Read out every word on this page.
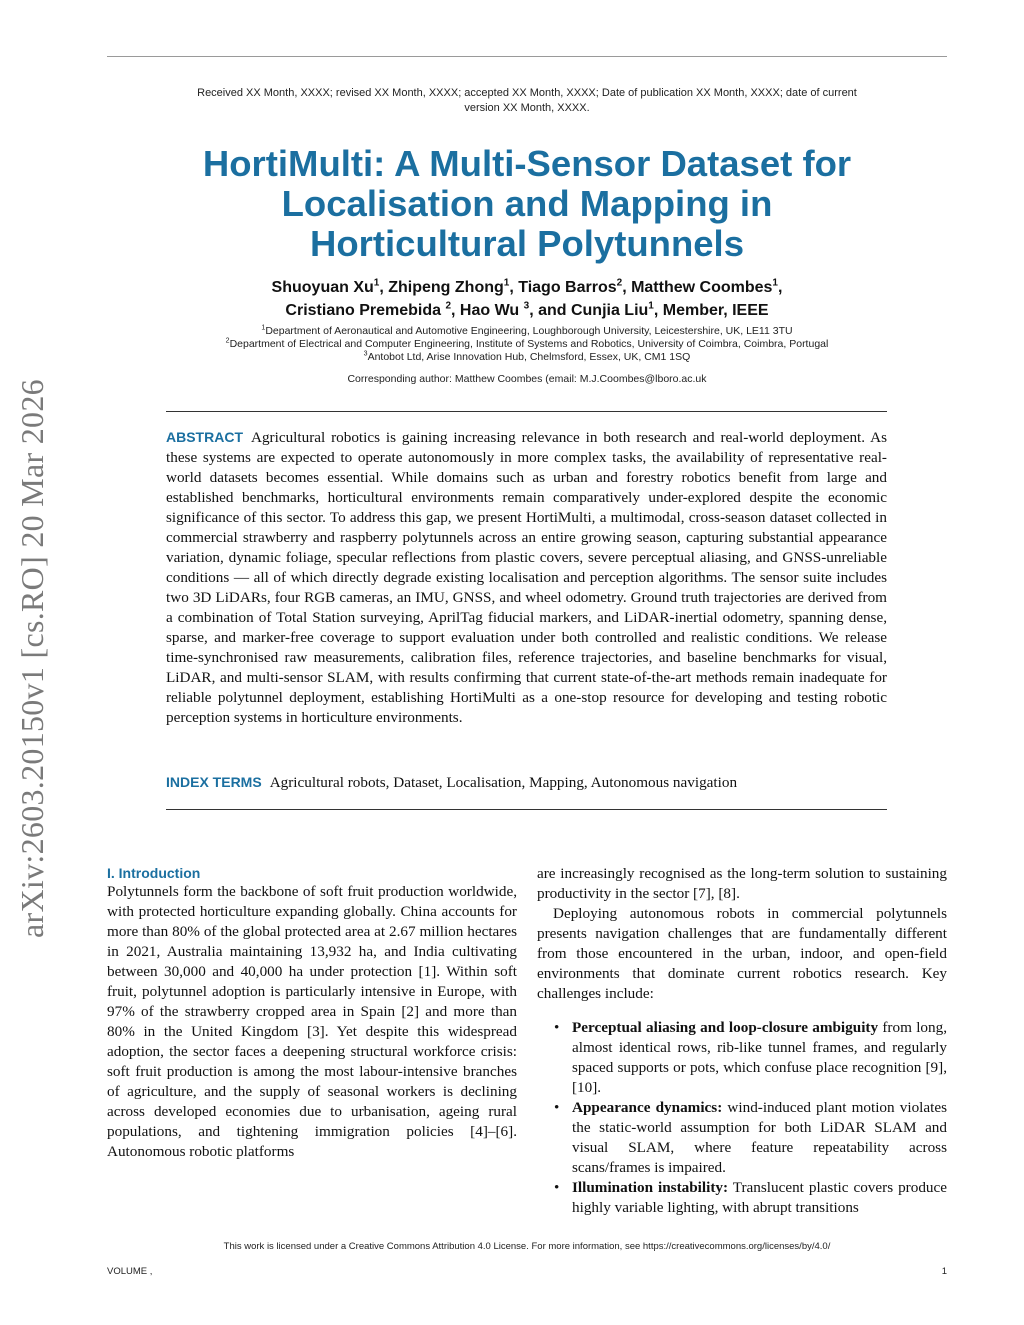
Received XX Month, XXXX; revised XX Month, XXXX; accepted XX Month, XXXX; Date of publication XX Month, XXXX; date of current version XX Month, XXXX.
HortiMulti: A Multi-Sensor Dataset for
Localisation and Mapping in
Horticultural Polytunnels
Shuoyuan Xu$^1$, Zhipeng Zhong$^1$, Tiago Barros$^2$, Matthew Coombes$^1$,
Cristiano Premebida $^2$, Hao Wu $^3$, and Cunjia Liu$^1$, Member, IEEE
$^1$Department of Aeronautical and Automotive Engineering, Loughborough University, Leicestershire, UK, LE11 3TU
$^2$Department of Electrical and Computer Engineering, Institute of Systems and Robotics, University of Coimbra, Coimbra, Portugal
$^3$Antobot Ltd, Arise Innovation Hub, Chelmsford, Essex, UK, CM1 1SQ
Corresponding author: Matthew Coombes (email: M.J.Coombes@lboro.ac.uk
ABSTRACT Agricultural robotics is gaining increasing relevance in both research and real-world deployment. As these systems are expected to operate autonomously in more complex tasks, the availability of representative real-world datasets becomes essential. While domains such as urban and forestry robotics benefit from large and established benchmarks, horticultural environments remain comparatively under-explored despite the economic significance of this sector. To address this gap, we present HortiMulti, a multimodal, cross-season dataset collected in commercial strawberry and raspberry polytunnels across an entire growing season, capturing substantial appearance variation, dynamic foliage, specular reflections from plastic covers, severe perceptual aliasing, and GNSS-unreliable conditions — all of which directly degrade existing localisation and perception algorithms. The sensor suite includes two 3D LiDARs, four RGB cameras, an IMU, GNSS, and wheel odometry. Ground truth trajectories are derived from a combination of Total Station surveying, AprilTag fiducial markers, and LiDAR-inertial odometry, spanning dense, sparse, and marker-free coverage to support evaluation under both controlled and realistic conditions. We release time-synchronised raw measurements, calibration files, reference trajectories, and baseline benchmarks for visual, LiDAR, and multi-sensor SLAM, with results confirming that current state-of-the-art methods remain inadequate for reliable polytunnel deployment, establishing HortiMulti as a one-stop resource for developing and testing robotic perception systems in horticulture environments.
INDEX TERMS Agricultural robots, Dataset, Localisation, Mapping, Autonomous navigation
arXiv:2603.20150v1 [cs.RO] 20 Mar 2026	I. Introduction

Polytunnels form the backbone of soft fruit production worldwide, with protected horticulture expanding globally. China accounts for more than 80% of the global protected area at 2.67 million hectares in 2021, Australia maintaining 13,932 ha, and India cultivating between 30,000 and 40,000 ha under protection [1]. Within soft fruit, polytunnel adoption is particularly intensive in Europe, with 97% of the strawberry cropped area in Spain [2] and more than 80% in the United Kingdom [3]. Yet despite this widespread adoption, the sector faces a deepening structural workforce crisis: soft fruit production is among the most labour-intensive branches of agriculture, and the supply of seasonal workers is declining across developed economies due to urbanisation, ageing rural populations, and tightening immigration policies [4]–[6]. Autonomous robotic platforms

are increasingly recognised as the long-term solution to sustaining productivity in the sector [7], [8].

Deploying autonomous robots in commercial polytunnels presents navigation challenges that are fundamentally different from those encountered in the urban, indoor, and open-field environments that dominate current robotics research. Key challenges include:

• Perceptual aliasing and loop-closure ambiguity from long, almost identical rows, rib-like tunnel frames, and regularly spaced supports or pots, which confuse place recognition [9], [10].
• Appearance dynamics: wind-induced plant motion violates the static-world assumption for both LiDAR SLAM and visual SLAM, where feature repeatability across scans/frames is impaired.
• Illumination instability: Translucent plastic covers produce highly variable lighting, with abrupt transitions
This work is licensed under a Creative Commons Attribution 4.0 License. For more information, see https://creativecommons.org/licenses/by/4.0/
VOLUME ,	1
